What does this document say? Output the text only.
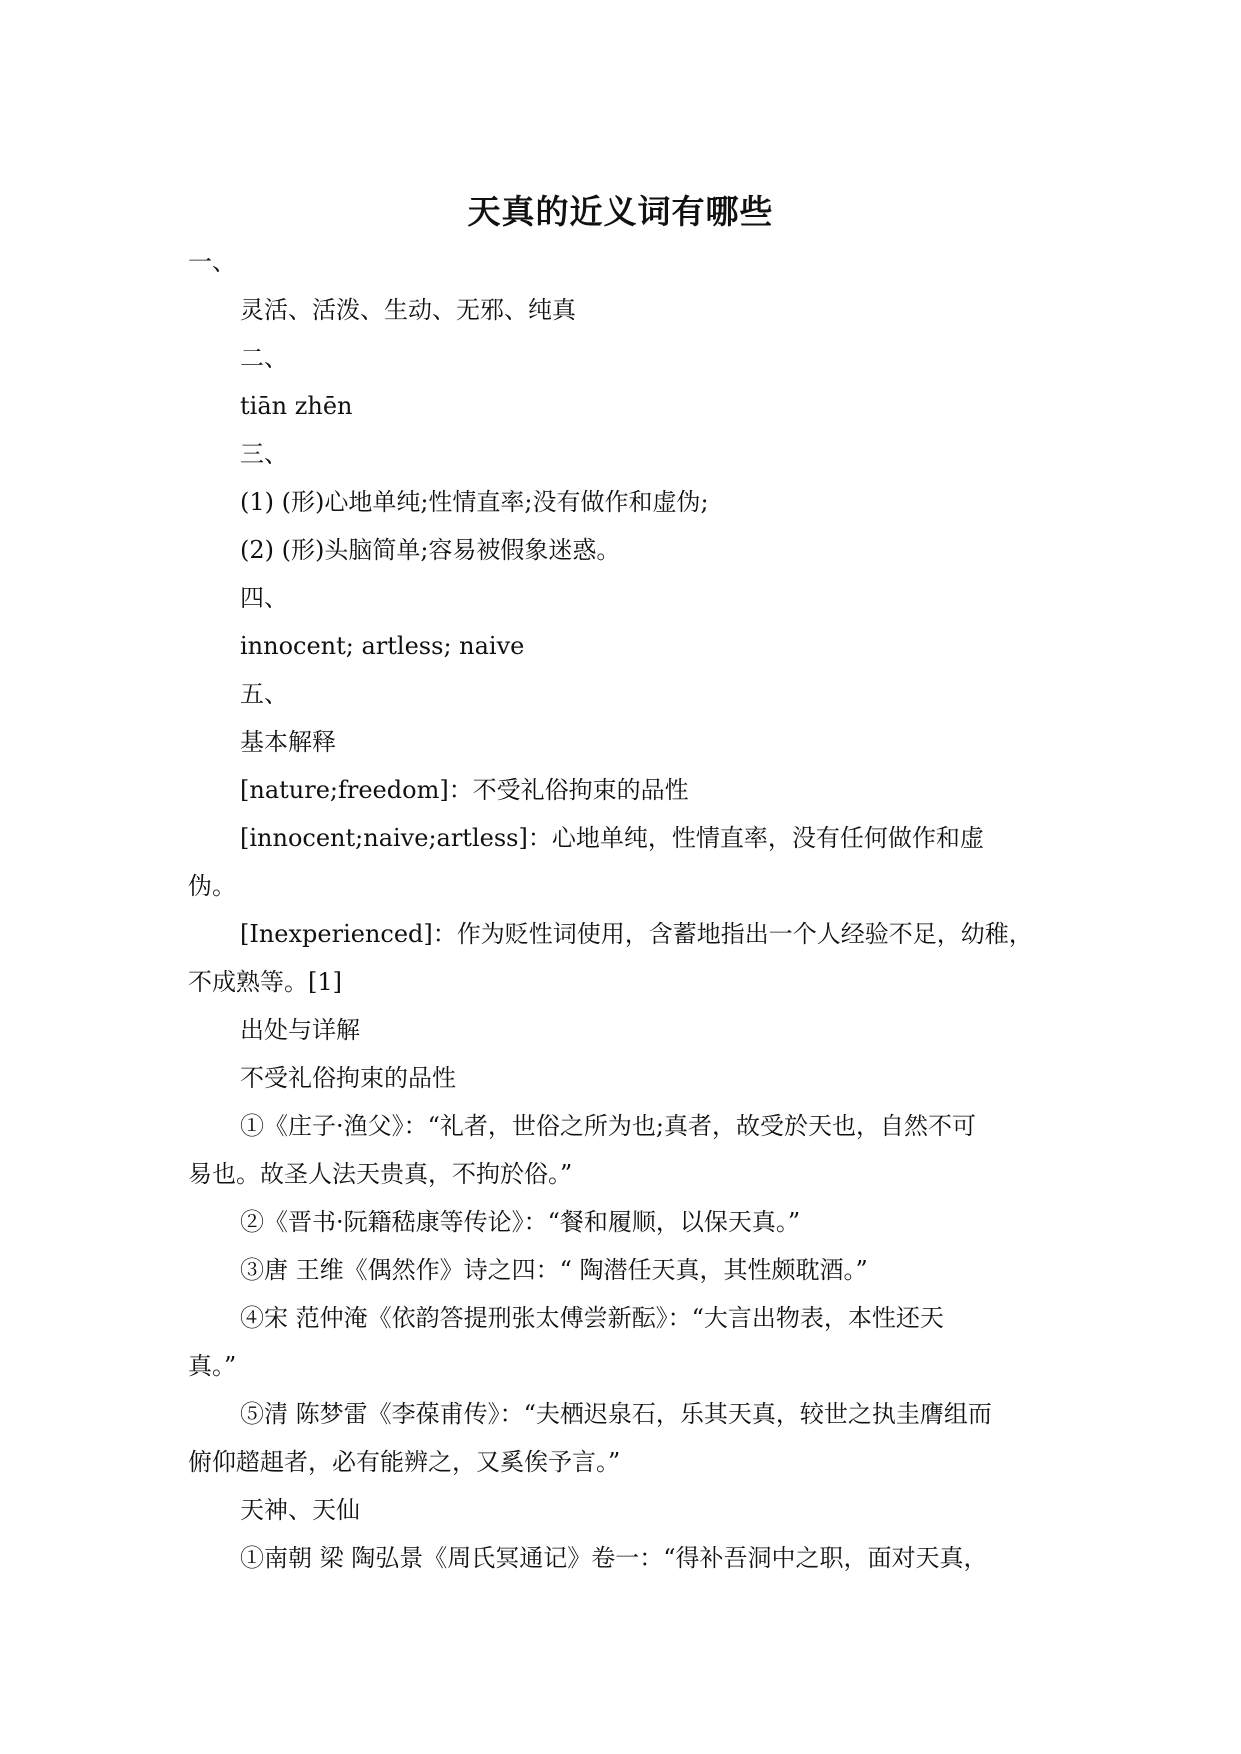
天真的近义词有哪些
一、
灵活、活泼、生动、无邪、纯真
二、
tiān zhēn
三、
(1) (形)心地单纯;性情直率;没有做作和虚伪;
(2) (形)头脑简单;容易被假象迷惑。
四、
innocent; artless; naive
五、
基本解释
[nature;freedom]：不受礼俗拘束的品性
[innocent;naive;artless]：心地单纯，性情直率，没有任何做作和虚
伪。
[Inexperienced]：作为贬性词使用，含蓄地指出一个人经验不足，幼稚，
不成熟等。[1]
出处与详解
不受礼俗拘束的品性
①《庄子·渔父》：“礼者，世俗之所为也;真者，故受於天也，自然不可
易也。故圣人法天贵真，不拘於俗。”
②《晋书·阮籍嵇康等传论》：“餐和履顺，以保天真。”
③唐 王维《偶然作》诗之四：“ 陶潜任天真，其性颇耽酒。”
④宋 范仲淹《依韵答提刑张太傅尝新酝》：“大言出物表，本性还天
真。”
⑤清 陈梦雷《李葆甫传》：“夫栖迟泉石，乐其天真，较世之执圭膺组而
俯仰趦趄者，必有能辨之，又奚俟予言。”
天神、天仙
①南朝 梁 陶弘景《周氏冥通记》卷一：“得补吾洞中之职，面对天真，
